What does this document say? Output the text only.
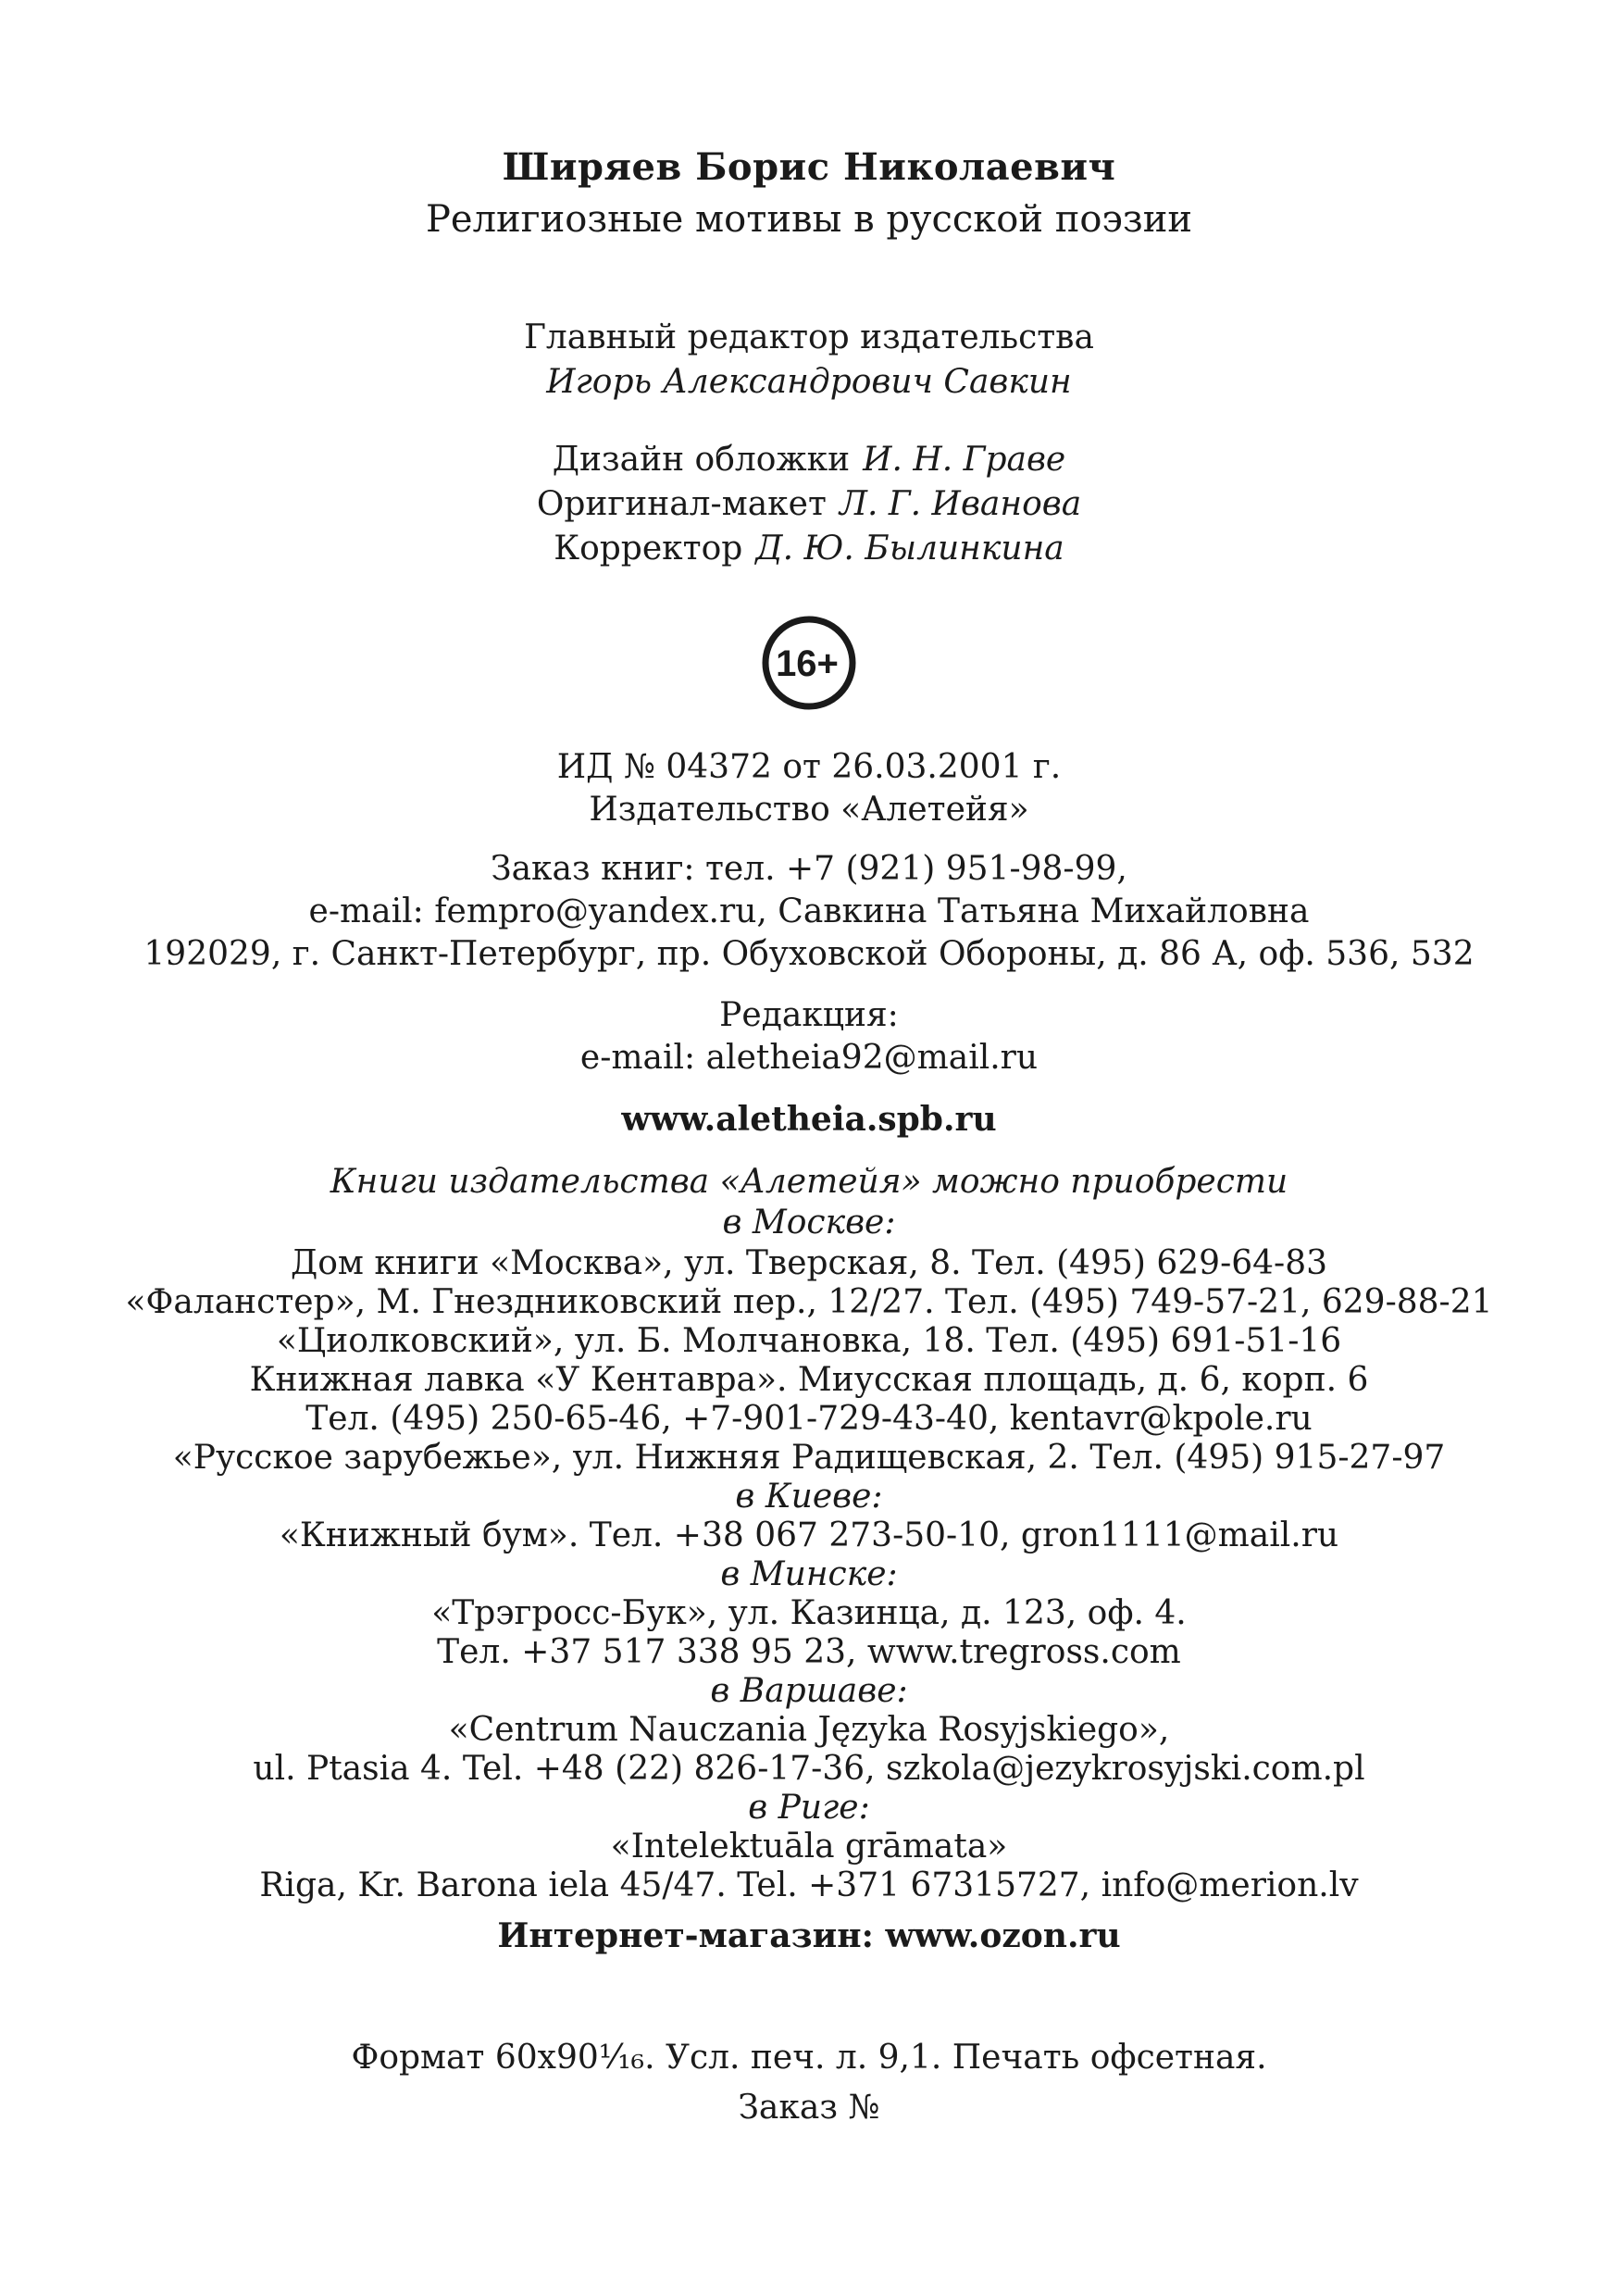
Ширяев Борис Николаевич
Религиозные мотивы в русской поэзии
Главный редактор издательства
Игорь Александрович Савкин
Дизайн обложки И. Н. Граве
Оригинал-макет Л. Г. Иванова
Корректор Д. Ю. Былинкина
16+
ИД № 04372 от 26.03.2001 г.
Издательство «Алетейя»
Заказ книг: тел. +7 (921) 951-98-99,
e-mail: fempro@yandex.ru, Савкина Татьяна Михайловна
192029, г. Санкт-Петербург, пр. Обуховской Обороны, д. 86 А, оф. 536, 532
Редакция:
e-mail: aletheia92@mail.ru
www.aletheia.spb.ru
Книги издательства «Алетейя» можно приобрести
в Москве:
Дом книги «Москва», ул. Тверская, 8. Тел. (495) 629-64-83
«Фаланстер», М. Гнездниковский пер., 12/27. Тел. (495) 749-57-21, 629-88-21
«Циолковский», ул. Б. Молчановка, 18. Тел. (495) 691-51-16
Книжная лавка «У Кентавра». Миусская площадь, д. 6, корп. 6
Тел. (495) 250-65-46, +7-901-729-43-40, kentavr@kpole.ru
«Русское зарубежье», ул. Нижняя Радищевская, 2. Тел. (495) 915-27-97
в Киеве:
«Книжный бум». Тел. +38 067 273-50-10, gron1111@mail.ru
в Минске:
«Трэгросс-Бук», ул. Казинца, д. 123, оф. 4.
Тел. +37 517 338 95 23, www.tregross.com
в Варшаве:
«Centrum Nauczania Języka Rosyjskiego»,
ul. Ptasia 4. Tel. +48 (22) 826-17-36, szkola@jezykrosyjski.com.pl
в Риге:
«Intelektuāla grāmata»
Riga, Kr. Barona iela 45/47. Tel. +371 67315727, info@merion.lv
Интернет-магазин: www.ozon.ru
Формат 60х90¹⁄₁₆. Усл. печ. л. 9,1. Печать офсетная.
Заказ №
